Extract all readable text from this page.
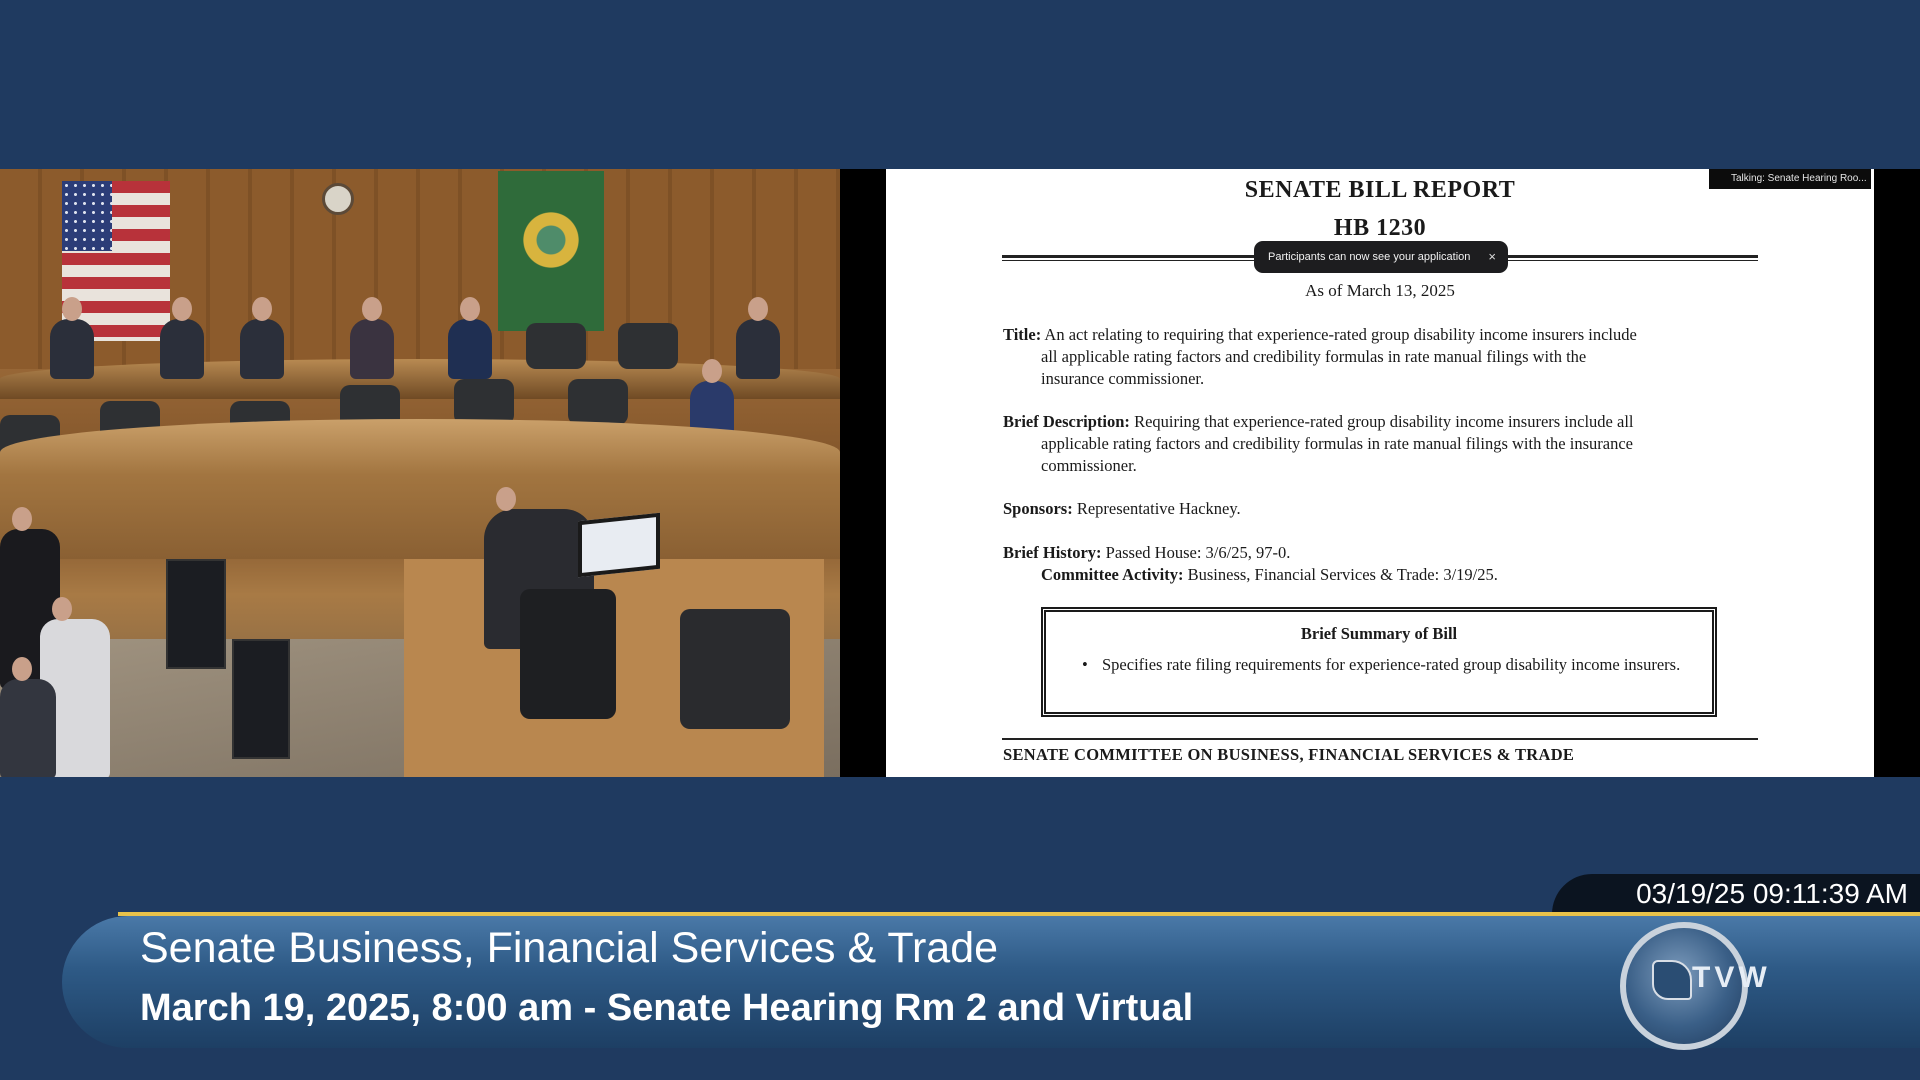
SENATE BILL REPORT
HB 1230
As of March 13, 2025
Title: An act relating to requiring that experience-rated group disability income insurers include
all applicable rating factors and credibility formulas in rate manual filings with the
insurance commissioner.
Brief Description: Requiring that experience-rated group disability income insurers include all
applicable rating factors and credibility formulas in rate manual filings with the insurance
commissioner.
Sponsors: Representative Hackney.
Brief History: Passed House: 3/6/25, 97-0.
Committee Activity: Business, Financial Services & Trade: 3/19/25.
Brief Summary of Bill
• Specifies rate filing requirements for experience-rated group disability income insurers.
SENATE COMMITTEE ON BUSINESS, FINANCIAL SERVICES & TRADE
Participants can now see your application ×
Talking: Senate Hearing Roo...
03/19/25 09:11:39 AM
Senate Business, Financial Services & Trade
March 19, 2025, 8:00 am - Senate Hearing Rm 2 and Virtual
TVW
